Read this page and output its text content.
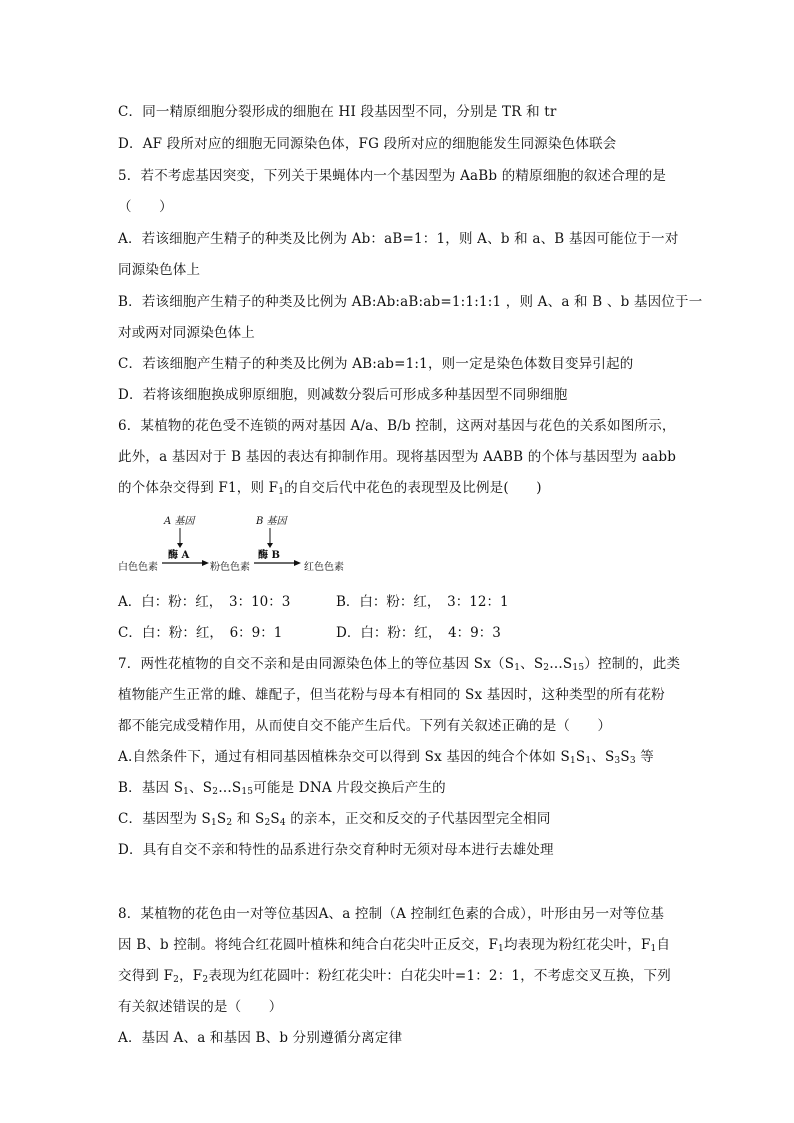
C．同一精原细胞分裂形成的细胞在 HI 段基因型不同，分别是 TR 和 tr
D．AF 段所对应的细胞无同源染色体，FG 段所对应的细胞能发生同源染色体联会
5．若不考虑基因突变，下列关于果蝇体内一个基因型为 AaBb 的精原细胞的叙述合理的是
（　　）
A．若该细胞产生精子的种类及比例为 Ab：aB=1：1，则 A、b 和 a、B 基因可能位于一对
同源染色体上
B．若该细胞产生精子的种类及比例为 AB:Ab:aB:ab=1:1:1:1 ，则 A、a 和 B 、b 基因位于一
对或两对同源染色体上
C．若该细胞产生精子的种类及比例为 AB:ab=1:1，则一定是染色体数目变异引起的
D．若将该细胞换成卵原细胞，则减数分裂后可形成多种基因型不同卵细胞
6．某植物的花色受不连锁的两对基因 A/a、B/b 控制，这两对基因与花色的关系如图所示，
此外，a 基因对于 B 基因的表达有抑制作用。现将基因型为 AABB 的个体与基因型为 aabb
的个体杂交得到 F1，则 $F_1$的自交后代中花色的表现型及比例是(　　)
A 基因	B 基因
酶 A	酶 B
白色色素	粉色色素	红色色素
A．白：粉：红，　3：10：3	B．白：粉：红，　3：12：1
C．白：粉：红，　6：9：1	D．白：粉：红，　4：9：3
7．两性花植物的自交不亲和是由同源染色体上的等位基因 $Sx(S_1$、$S_2\dots S_{15}$）控制的，此类
植物能产生正常的雌、雄配子，但当花粉与母本有相同的 Sx 基因时，这种类型的所有花粉
都不能完成受精作用，从而使自交不能产生后代。下列有关叙述正确的是（　　）
A.自然条件下，通过有相同基因植株杂交可以得到 Sx 基因的纯合个体如 $S_1S_1$、$S_3S_3$ 等
B．基因 $S_1$、$S_2\dots S_{15}$可能是 DNA 片段交换后产生的
C．基因型为 $S_1S_2$ 和 $S_2S_4$ 的亲本，正交和反交的子代基因型完全相同
D．具有自交不亲和特性的品系进行杂交育种时无须对母本进行去雄处理
8．某植物的花色由一对等位基因A、a 控制（A 控制红色素的合成），叶形由另一对等位基
因 B、b 控制。将纯合红花圆叶植株和纯合白花尖叶正反交，$F_1$均表现为粉红花尖叶，$F_1$自
交得到 $F_2$，$F_2$表现为红花圆叶：粉红花尖叶：白花尖叶=1：2：1，不考虑交叉互换，下列
有关叙述错误的是（　　）
A．基因 A、a 和基因 B、b 分别遵循分离定律
